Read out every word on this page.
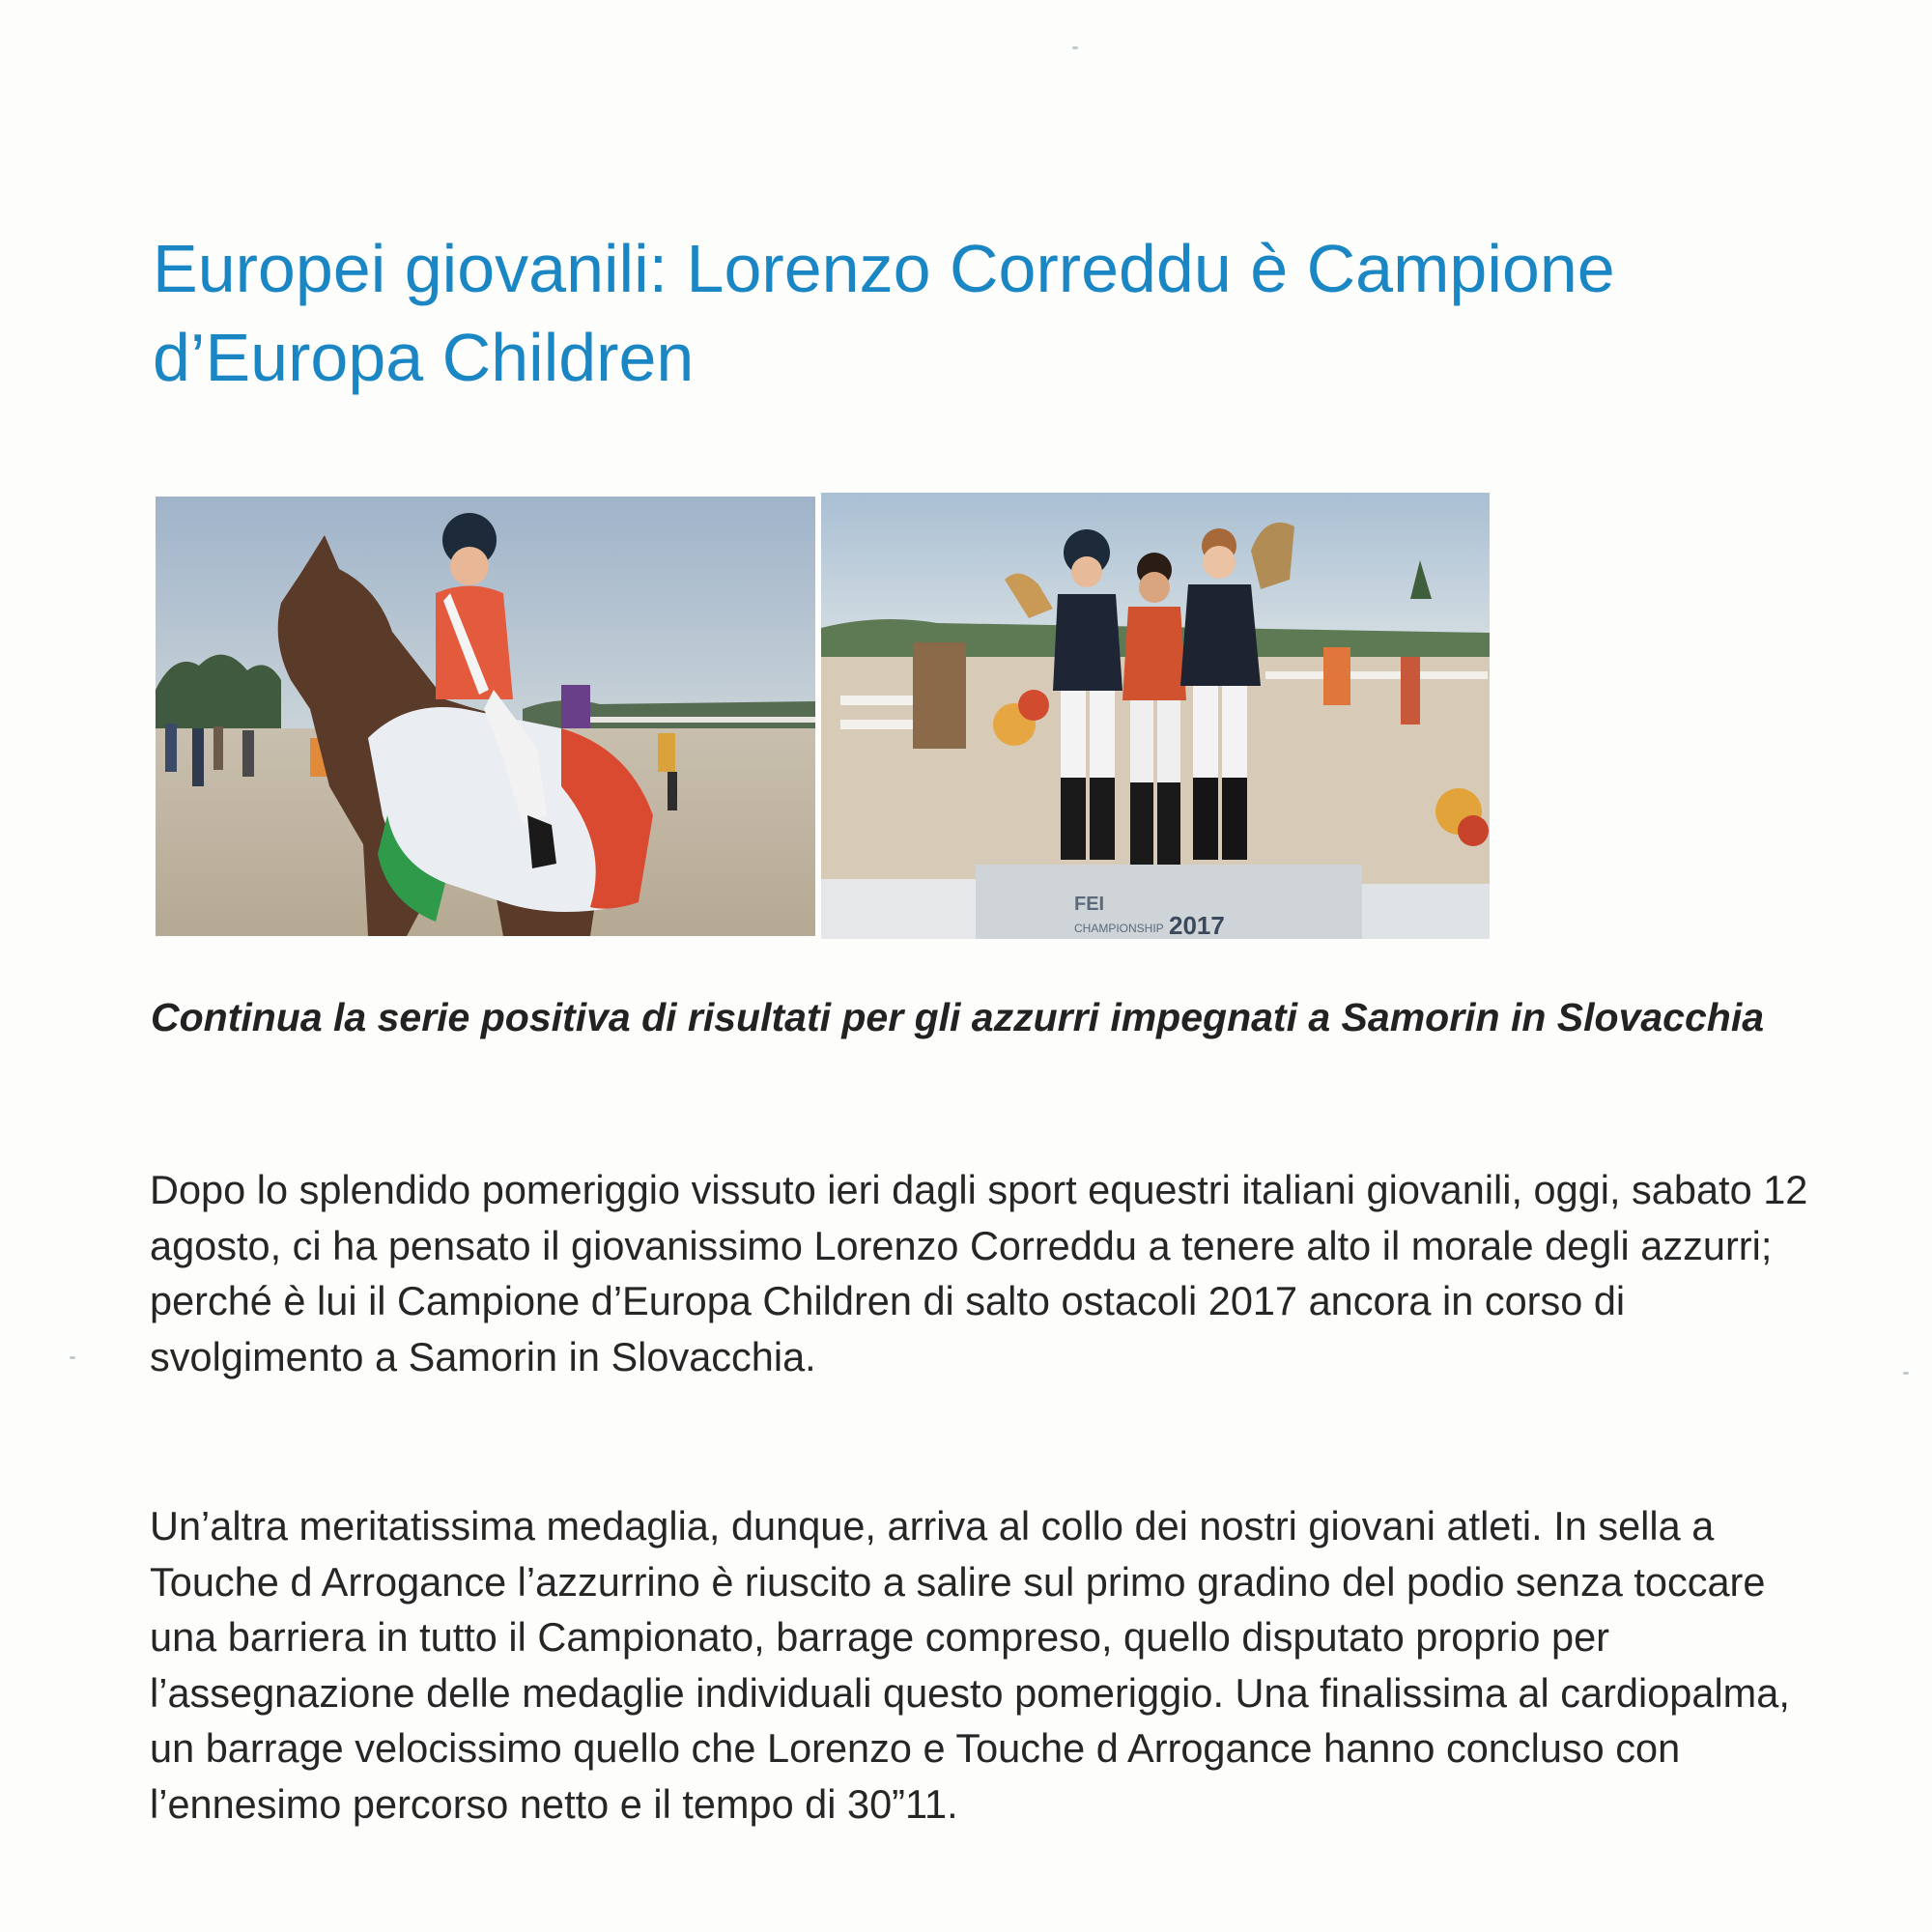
Europei giovanili: Lorenzo Correddu è Campione d’Europa Children
FEI
CHAMPIONSHIP 2017

Continua la serie positiva di risultati per gli azzurri impegnati a Samorin in Slovacchia

Dopo lo splendido pomeriggio vissuto ieri dagli sport equestri italiani giovanili, oggi, sabato 12 agosto, ci ha pensato il giovanissimo Lorenzo Correddu a tenere alto il morale degli azzurri; perché è lui il Campione d’Europa Children di salto ostacoli 2017 ancora in corso di svolgimento a Samorin in Slovacchia.

Un’altra meritatissima medaglia, dunque, arriva al collo dei nostri giovani atleti. In sella a Touche d Arrogance l’azzurrino è riuscito a salire sul primo gradino del podio senza toccare una barriera in tutto il Campionato, barrage compreso, quello disputato proprio per l’assegnazione delle medaglie individuali questo pomeriggio. Una finalissima al cardiopalma, un barrage velocissimo quello che Lorenzo e Touche d Arrogance hanno concluso con l’ennesimo percorso netto e il tempo di 30”11.
